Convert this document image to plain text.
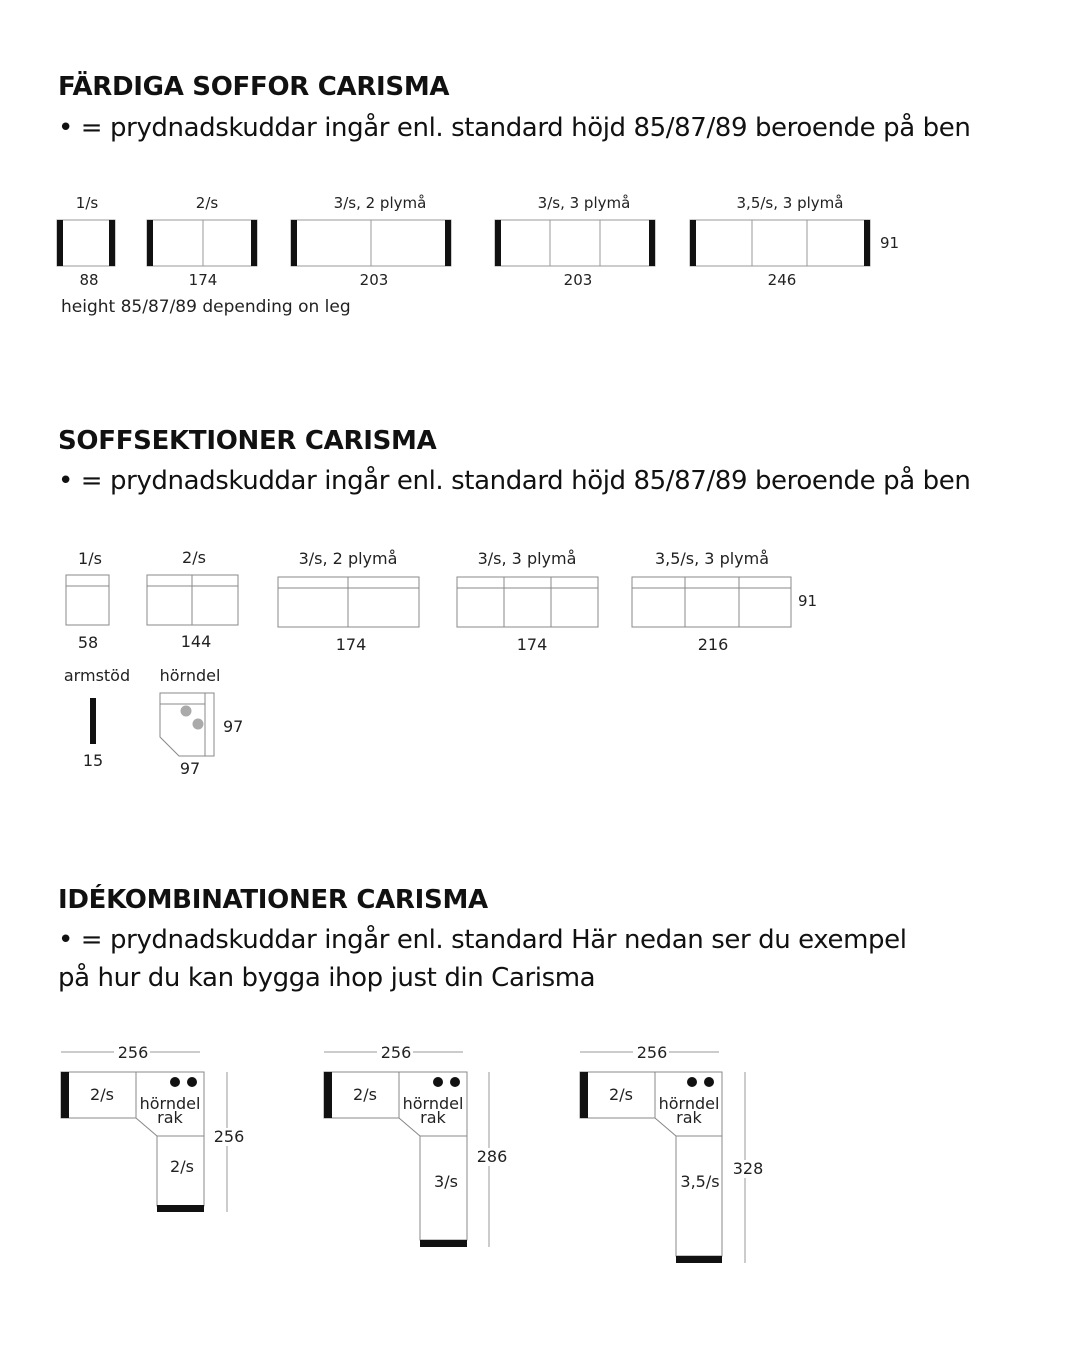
FÄRDIGA SOFFOR CARISMA

• = prydnadskuddar ingår enl. standard höjd 85/87/89 beroende på ben

1/s
88
2/s
174
3/s, 2 plymå
203
3/s, 3 plymå
203
3,5/s, 3 plymå
246
91
height 85/87/89 depending on leg
1/s
58
2/s
144
3/s, 2 plymå
174
3/s, 3 plymå
174
3,5/s, 3 plymå
216
91
armstöd
15
hörndel
97
97
256
2/s hörndel
rak
2/s
256
256
2/s hörndel
rak
3/s
286
256
2/s hörndel
rak
3,5/s
328
SOFFSEKTIONER CARISMA

• = prydnadskuddar ingår enl. standard höjd 85/87/89 beroende på ben

IDÉKOMBINATIONER CARISMA

• = prydnadskuddar ingår enl. standard Här nedan ser du exempel
på hur du kan bygga ihop just din Carisma
